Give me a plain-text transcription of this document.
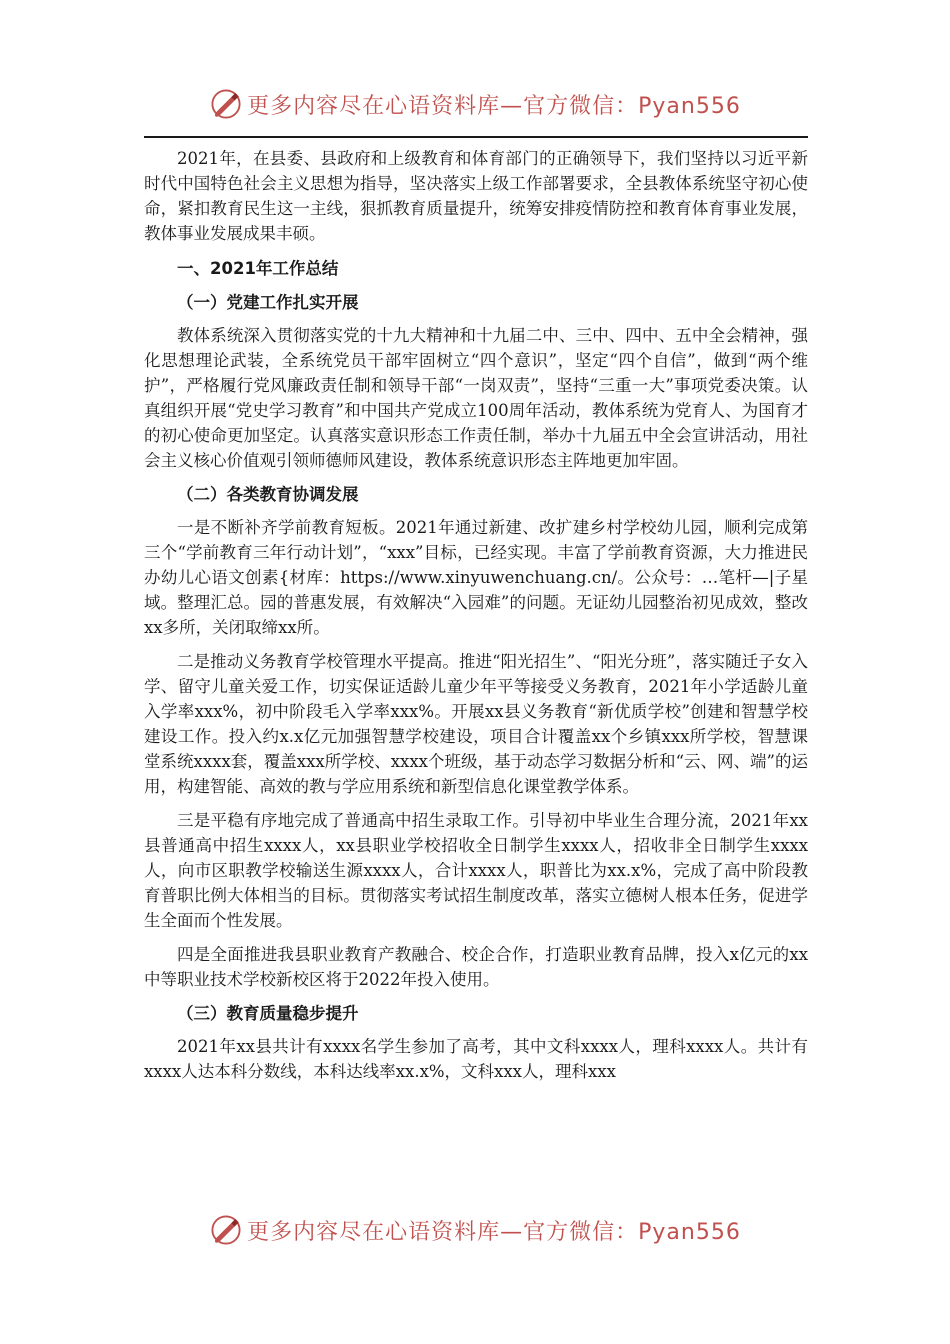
更多内容尽在心语资料库—官方微信：Pyan556

2021年，在县委、县政府和上级教育和体育部门的正确领导下，我们坚持以习近平新时代中国特色社会主义思想为指导，坚决落实上级工作部署要求，全县教体系统坚守初心使命，紧扣教育民生这一主线，狠抓教育质量提升，统筹安排疫情防控和教育体育事业发展，教体事业发展成果丰硕。

一、2021年工作总结
（一）党建工作扎实开展

教体系统深入贯彻落实党的十九大精神和十九届二中、三中、四中、五中全会精神，强化思想理论武装，全系统党员干部牢固树立“四个意识”，坚定“四个自信”，做到“两个维护”，严格履行党风廉政责任制和领导干部“一岗双责”，坚持“三重一大”事项党委决策。认真组织开展“党史学习教育”和中国共产党成立100周年活动，教体系统为党育人、为国育才的初心使命更加坚定。认真落实意识形态工作责任制，举办十九届五中全会宣讲活动，用社会主义核心价值观引领师德师风建设，教体系统意识形态主阵地更加牢固。

（二）各类教育协调发展

一是不断补齐学前教育短板。2021年通过新建、改扩建乡村学校幼儿园，顺利完成第三个“学前教育三年行动计划”，“xxx”目标，已经实现。丰富了学前教育资源，大力推进民办幼儿心语文创素{材库：https://www.xinyuwenchuang.cn/。公众号：…笔杆—|子星域。整理汇总。园的普惠发展，有效解决“入园难”的问题。无证幼儿园整治初见成效，整改xx多所，关闭取缔xx所。

二是推动义务教育学校管理水平提高。推进“阳光招生”、“阳光分班”，落实随迁子女入学、留守儿童关爱工作，切实保证适龄儿童少年平等接受义务教育，2021年小学适龄儿童入学率xxx%，初中阶段毛入学率xxx%。开展xx县义务教育“新优质学校”创建和智慧学校建设工作。投入约x.x亿元加强智慧学校建设，项目合计覆盖xx个乡镇xxx所学校，智慧课堂系统xxxx套，覆盖xxx所学校、xxxx个班级，基于动态学习数据分析和“云、网、端”的运用，构建智能、高效的教与学应用系统和新型信息化课堂教学体系。

三是平稳有序地完成了普通高中招生录取工作。引导初中毕业生合理分流，2021年xx县普通高中招生xxxx人，xx县职业学校招收全日制学生xxxx人，招收非全日制学生xxxx人，向市区职教学校输送生源xxxx人，合计xxxx人，职普比为xx.x%，完成了高中阶段教育普职比例大体相当的目标。贯彻落实考试招生制度改革，落实立德树人根本任务，促进学生全面而个性发展。

四是全面推进我县职业教育产教融合、校企合作，打造职业教育品牌，投入x亿元的xx中等职业技术学校新校区将于2022年投入使用。

（三）教育质量稳步提升

2021年xx县共计有xxxx名学生参加了高考，其中文科xxxx人，理科xxxx人。共计有xxxx人达本科分数线，本科达线率xx.x%，文科xxx人，理科xxx

更多内容尽在心语资料库—官方微信：Pyan556
